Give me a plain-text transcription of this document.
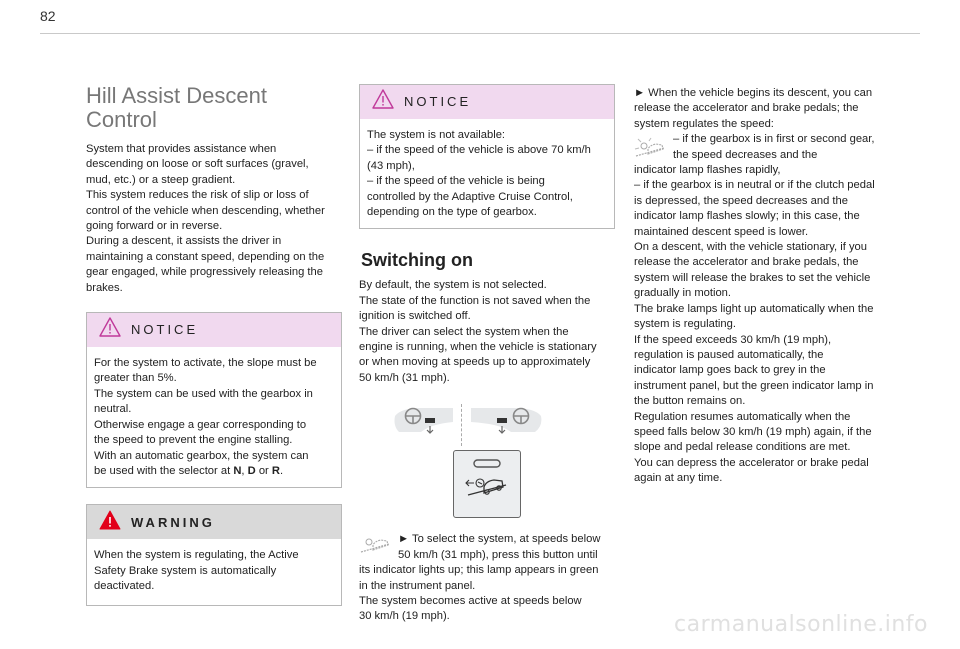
82
Hill Assist Descent
Control

System that provides assistance when
descending on loose or soft surfaces (gravel,
mud, etc.) or a steep gradient.
This system reduces the risk of slip or loss of
control of the vehicle when descending, whether
going forward or in reverse.
During a descent, it assists the driver in
maintaining a constant speed, depending on the
gear engaged, while progressively releasing the
brakes.

NOTICE

For the system to activate, the slope must be
greater than 5%.
The system can be used with the gearbox in
neutral.
Otherwise engage a gear corresponding to
the speed to prevent the engine stalling.
With an automatic gearbox, the system can
be used with the selector at N, D or R.

WARNING

When the system is regulating, the Active
Safety Brake system is automatically
deactivated.

NOTICE

The system is not available:
– if the speed of the vehicle is above 70 km/h
(43 mph),
– if the speed of the vehicle is being
controlled by the Adaptive Cruise Control,
depending on the type of gearbox.

Switching on

By default, the system is not selected.
The state of the function is not saved when the
ignition is switched off.
The driver can select the system when the
engine is running, when the vehicle is stationary
or when moving at speeds up to approximately
50 km/h (31 mph).

► To select the system, at speeds below
50 km/h (31 mph), press this button until

its indicator lights up; this lamp appears in green
in the instrument panel.
The system becomes active at speeds below
30 km/h (19 mph).

► When the vehicle begins its descent, you can
release the accelerator and brake pedals; the
system regulates the speed:

– if the gearbox is in first or second gear,
the speed decreases and the

indicator lamp flashes rapidly,
– if the gearbox is in neutral or if the clutch pedal
is depressed, the speed decreases and the
indicator lamp flashes slowly; in this case, the
maintained descent speed is lower.
On a descent, with the vehicle stationary, if you
release the accelerator and brake pedals, the
system will release the brakes to set the vehicle
gradually in motion.
The brake lamps light up automatically when the
system is regulating.
If the speed exceeds 30 km/h (19 mph),
regulation is paused automatically, the
indicator lamp goes back to grey in the
instrument panel, but the green indicator lamp in
the button remains on.
Regulation resumes automatically when the
speed falls below 30 km/h (19 mph) again, if the
slope and pedal release conditions are met.
You can depress the accelerator or brake pedal
again at any time.

carmanualsonline.info
